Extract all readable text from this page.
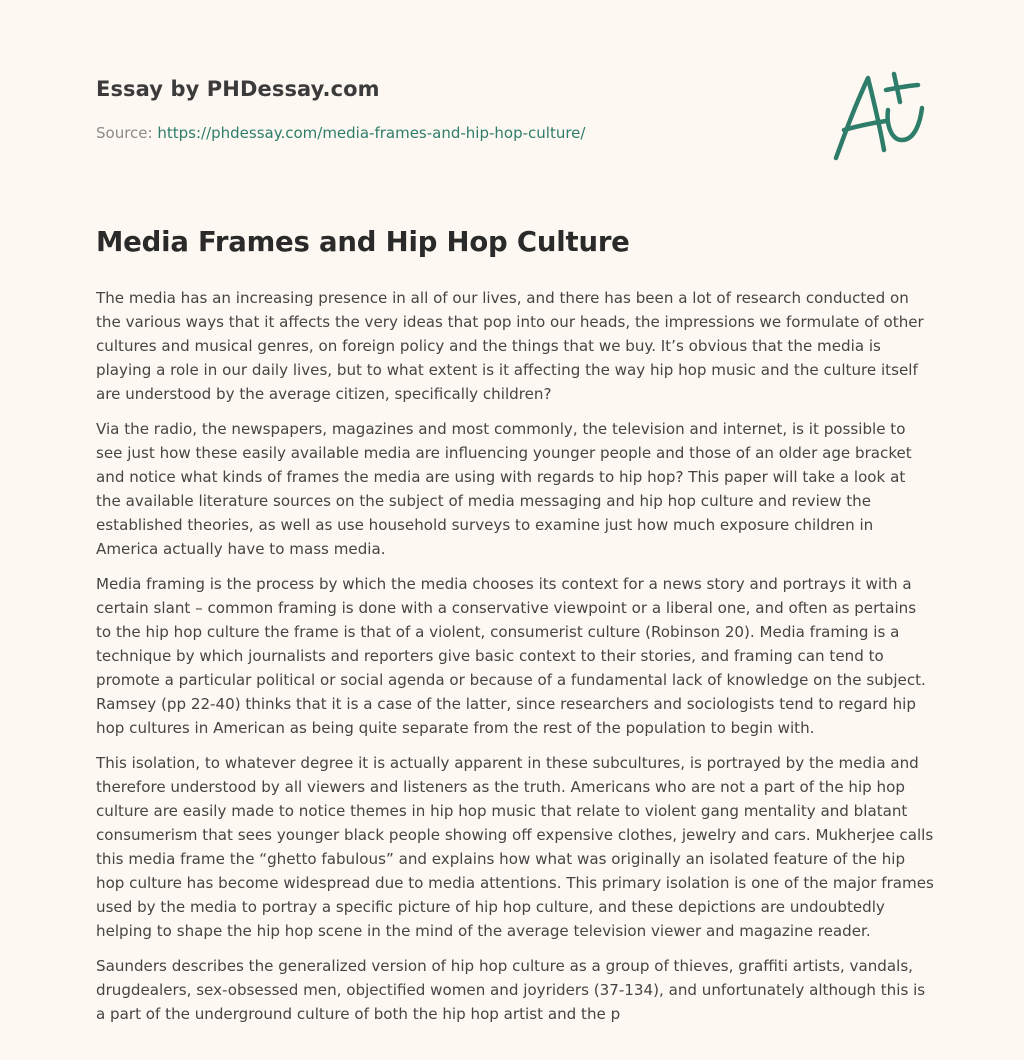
Essay by PHDessay.com
Source: https://phdessay.com/media-frames-and-hip-hop-culture/
Media Frames and Hip Hop Culture

The media has an increasing presence in all of our lives, and there has been a lot of research conducted on the various ways that it affects the very ideas that pop into our heads, the impressions we formulate of other cultures and musical genres, on foreign policy and the things that we buy. It’s obvious that the media is playing a role in our daily lives, but to what extent is it affecting the way hip hop music and the culture itself are understood by the average citizen, specifically children?

Via the radio, the newspapers, magazines and most commonly, the television and internet, is it possible to see just how these easily available media are influencing younger people and those of an older age bracket and notice what kinds of frames the media are using with regards to hip hop? This paper will take a look at the available literature sources on the subject of media messaging and hip hop culture and review the established theories, as well as use household surveys to examine just how much exposure children in America actually have to mass media.

Media framing is the process by which the media chooses its context for a news story and portrays it with a certain slant – common framing is done with a conservative viewpoint or a liberal one, and often as pertains to the hip hop culture the frame is that of a violent, consumerist culture (Robinson 20). Media framing is a technique by which journalists and reporters give basic context to their stories, and framing can tend to promote a particular political or social agenda or because of a fundamental lack of knowledge on the subject. Ramsey (pp 22-40) thinks that it is a case of the latter, since researchers and sociologists tend to regard hip hop cultures in American as being quite separate from the rest of the population to begin with.

This isolation, to whatever degree it is actually apparent in these subcultures, is portrayed by the media and therefore understood by all viewers and listeners as the truth. Americans who are not a part of the hip hop culture are easily made to notice themes in hip hop music that relate to violent gang mentality and blatant consumerism that sees younger black people showing off expensive clothes, jewelry and cars. Mukherjee calls this media frame the “ghetto fabulous” and explains how what was originally an isolated feature of the hip hop culture has become widespread due to media attentions. This primary isolation is one of the major frames used by the media to portray a specific picture of hip hop culture, and these depictions are undoubtedly helping to shape the hip hop scene in the mind of the average television viewer and magazine reader.

Saunders describes the generalized version of hip hop culture as a group of thieves, graffiti artists, vandals, drugdealers, sex-obsessed men, objectified women and joyriders (37-134), and unfortunately although this is a part of the underground culture of both the hip hop artist and the p
